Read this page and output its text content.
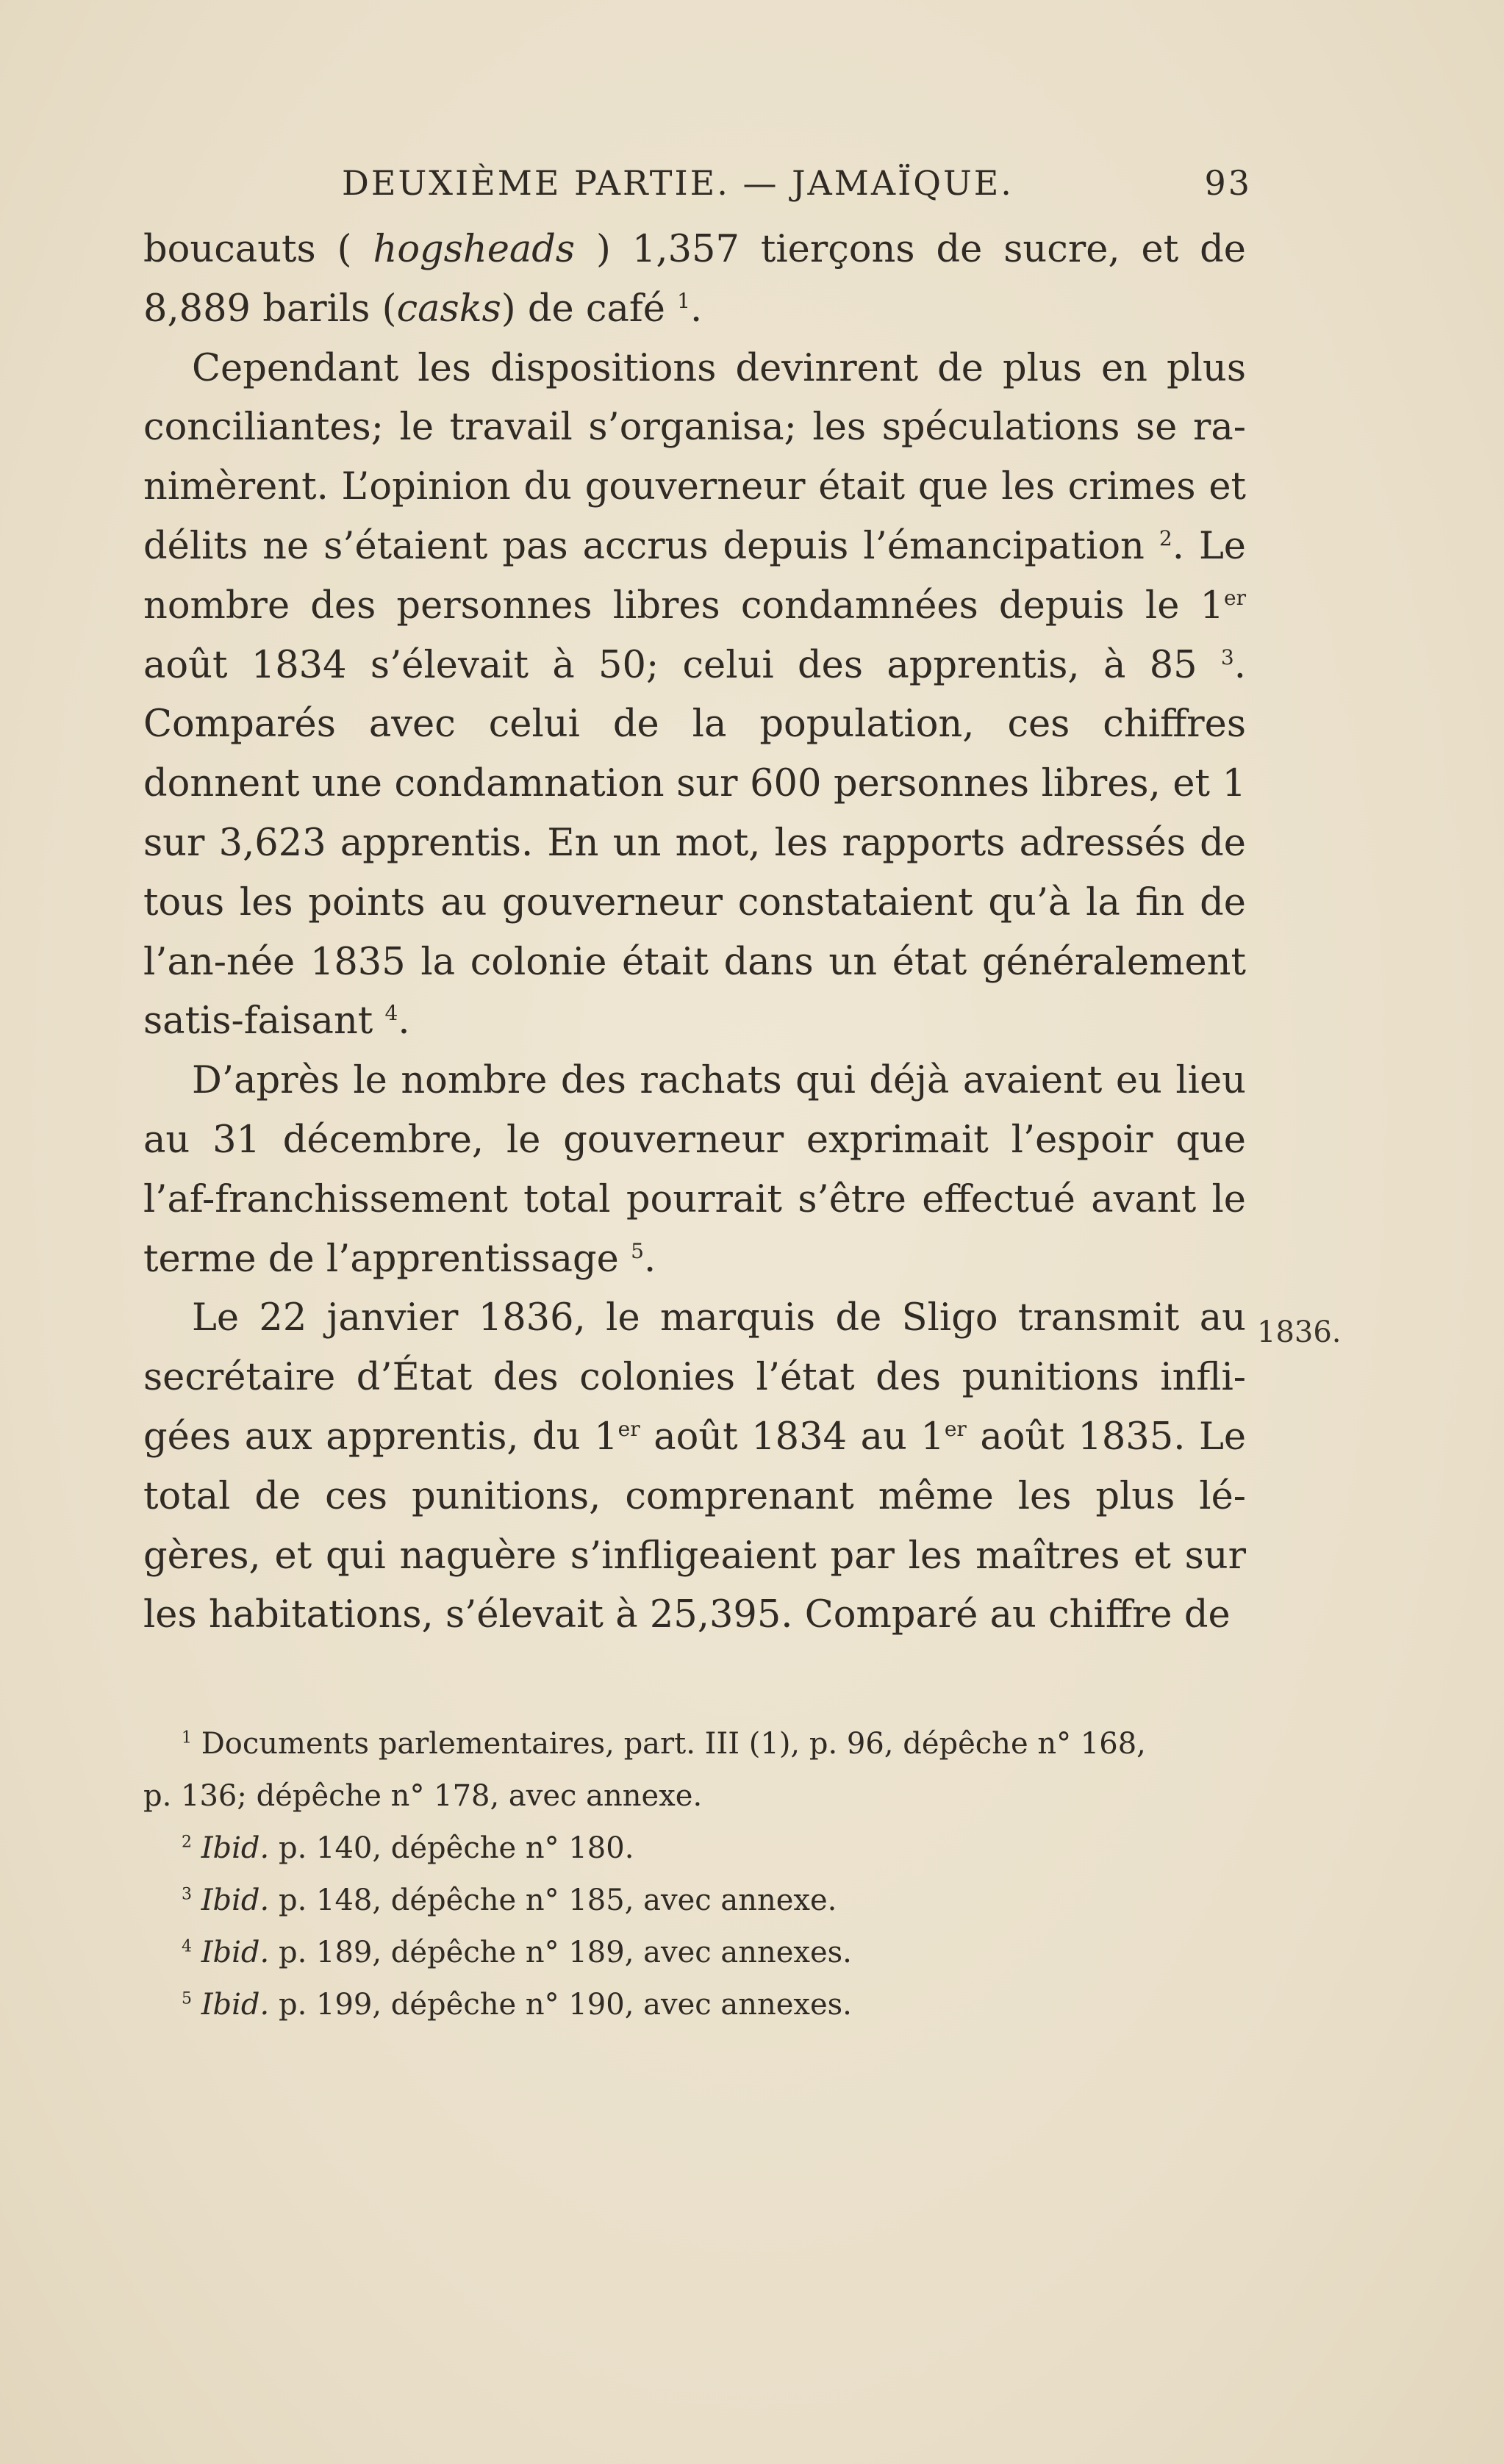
DEUXIÈME PARTIE. — JAMAÏQUE.	93

boucauts ( hogsheads ) 1,357 tierçons de sucre, et de 8,889 barils (casks) de café $^1$.

Cependant les dispositions devinrent de plus en plus conciliantes; le travail s’organisa; les spéculations se ra-nimèrent. L’opinion du gouverneur était que les crimes et délits ne s’étaient pas accrus depuis l’émancipation $^2$. Le nombre des personnes libres condamnées depuis le 1er août 1834 s’élevait à 50; celui des apprentis, à 85 $^3$. Comparés avec celui de la population, ces chiffres donnent une condamnation sur 600 personnes libres, et 1 sur 3,623 apprentis. En un mot, les rapports adressés de tous les points au gouverneur constataient qu’à la fin de l’an-née 1835 la colonie était dans un état généralement satis-faisant $^4$.

D’après le nombre des rachats qui déjà avaient eu lieu au 31 décembre, le gouverneur exprimait l’espoir que l’af-franchissement total pourrait s’être effectué avant le terme de l’apprentissage $^5$.

Le 22 janvier 1836, le marquis de Sligo transmit au secrétaire d’État des colonies l’état des punitions infli-gées aux apprentis, du 1er août 1834 au 1er août 1835. Le total de ces punitions, comprenant même les plus lé-gères, et qui naguère s’infligeaient par les maîtres et sur les habitations, s’élevait à 25,395. Comparé au chiffre de

1836.

$^1$ Documents parlementaires, part. III (1), p. 96, dépêche n° 168,

p. 136; dépêche n° 178, avec annexe.

$^2$ Ibid. p. 140, dépêche n° 180.

$^3$ Ibid. p. 148, dépêche n° 185, avec annexe.

$^4$ Ibid. p. 189, dépêche n° 189, avec annexes.

$^5$ Ibid. p. 199, dépêche n° 190, avec annexes.
